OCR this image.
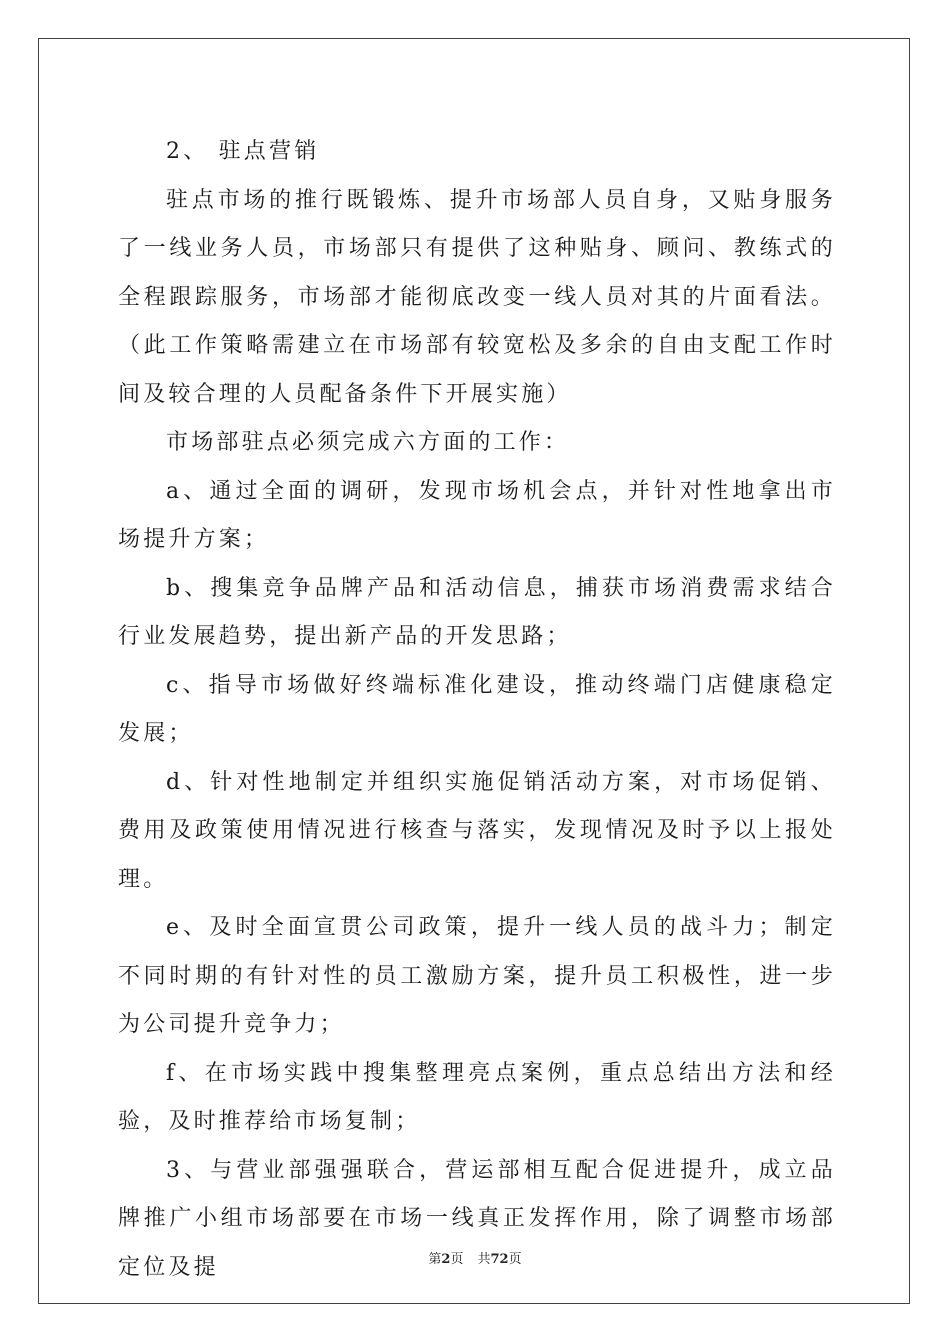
2、 驻点营销

驻点市场的推行既锻炼、提升市场部人员自身，又贴身服务了一线业务人员，市场部只有提供了这种贴身、顾问、教练式的全程跟踪服务，市场部才能彻底改变一线人员对其的片面看法。（此工作策略需建立在市场部有较宽松及多余的自由支配工作时间及较合理的人员配备条件下开展实施）

市场部驻点必须完成六方面的工作：

a、通过全面的调研，发现市场机会点，并针对性地拿出市场提升方案；

b、搜集竞争品牌产品和活动信息，捕获市场消费需求结合行业发展趋势，提出新产品的开发思路；

c、指导市场做好终端标准化建设，推动终端门店健康稳定发展；

d、针对性地制定并组织实施促销活动方案，对市场促销、费用及政策使用情况进行核查与落实，发现情况及时予以上报处理。

e、及时全面宣贯公司政策，提升一线人员的战斗力；制定不同时期的有针对性的员工激励方案，提升员工积极性，进一步为公司提升竞争力；

f、在市场实践中搜集整理亮点案例，重点总结出方法和经验，及时推荐给市场复制；

3、与营业部强强联合，营运部相互配合促进提升，成立品牌推广小组市场部要在市场一线真正发挥作用，除了调整市场部定位及提	第2页 共72页
